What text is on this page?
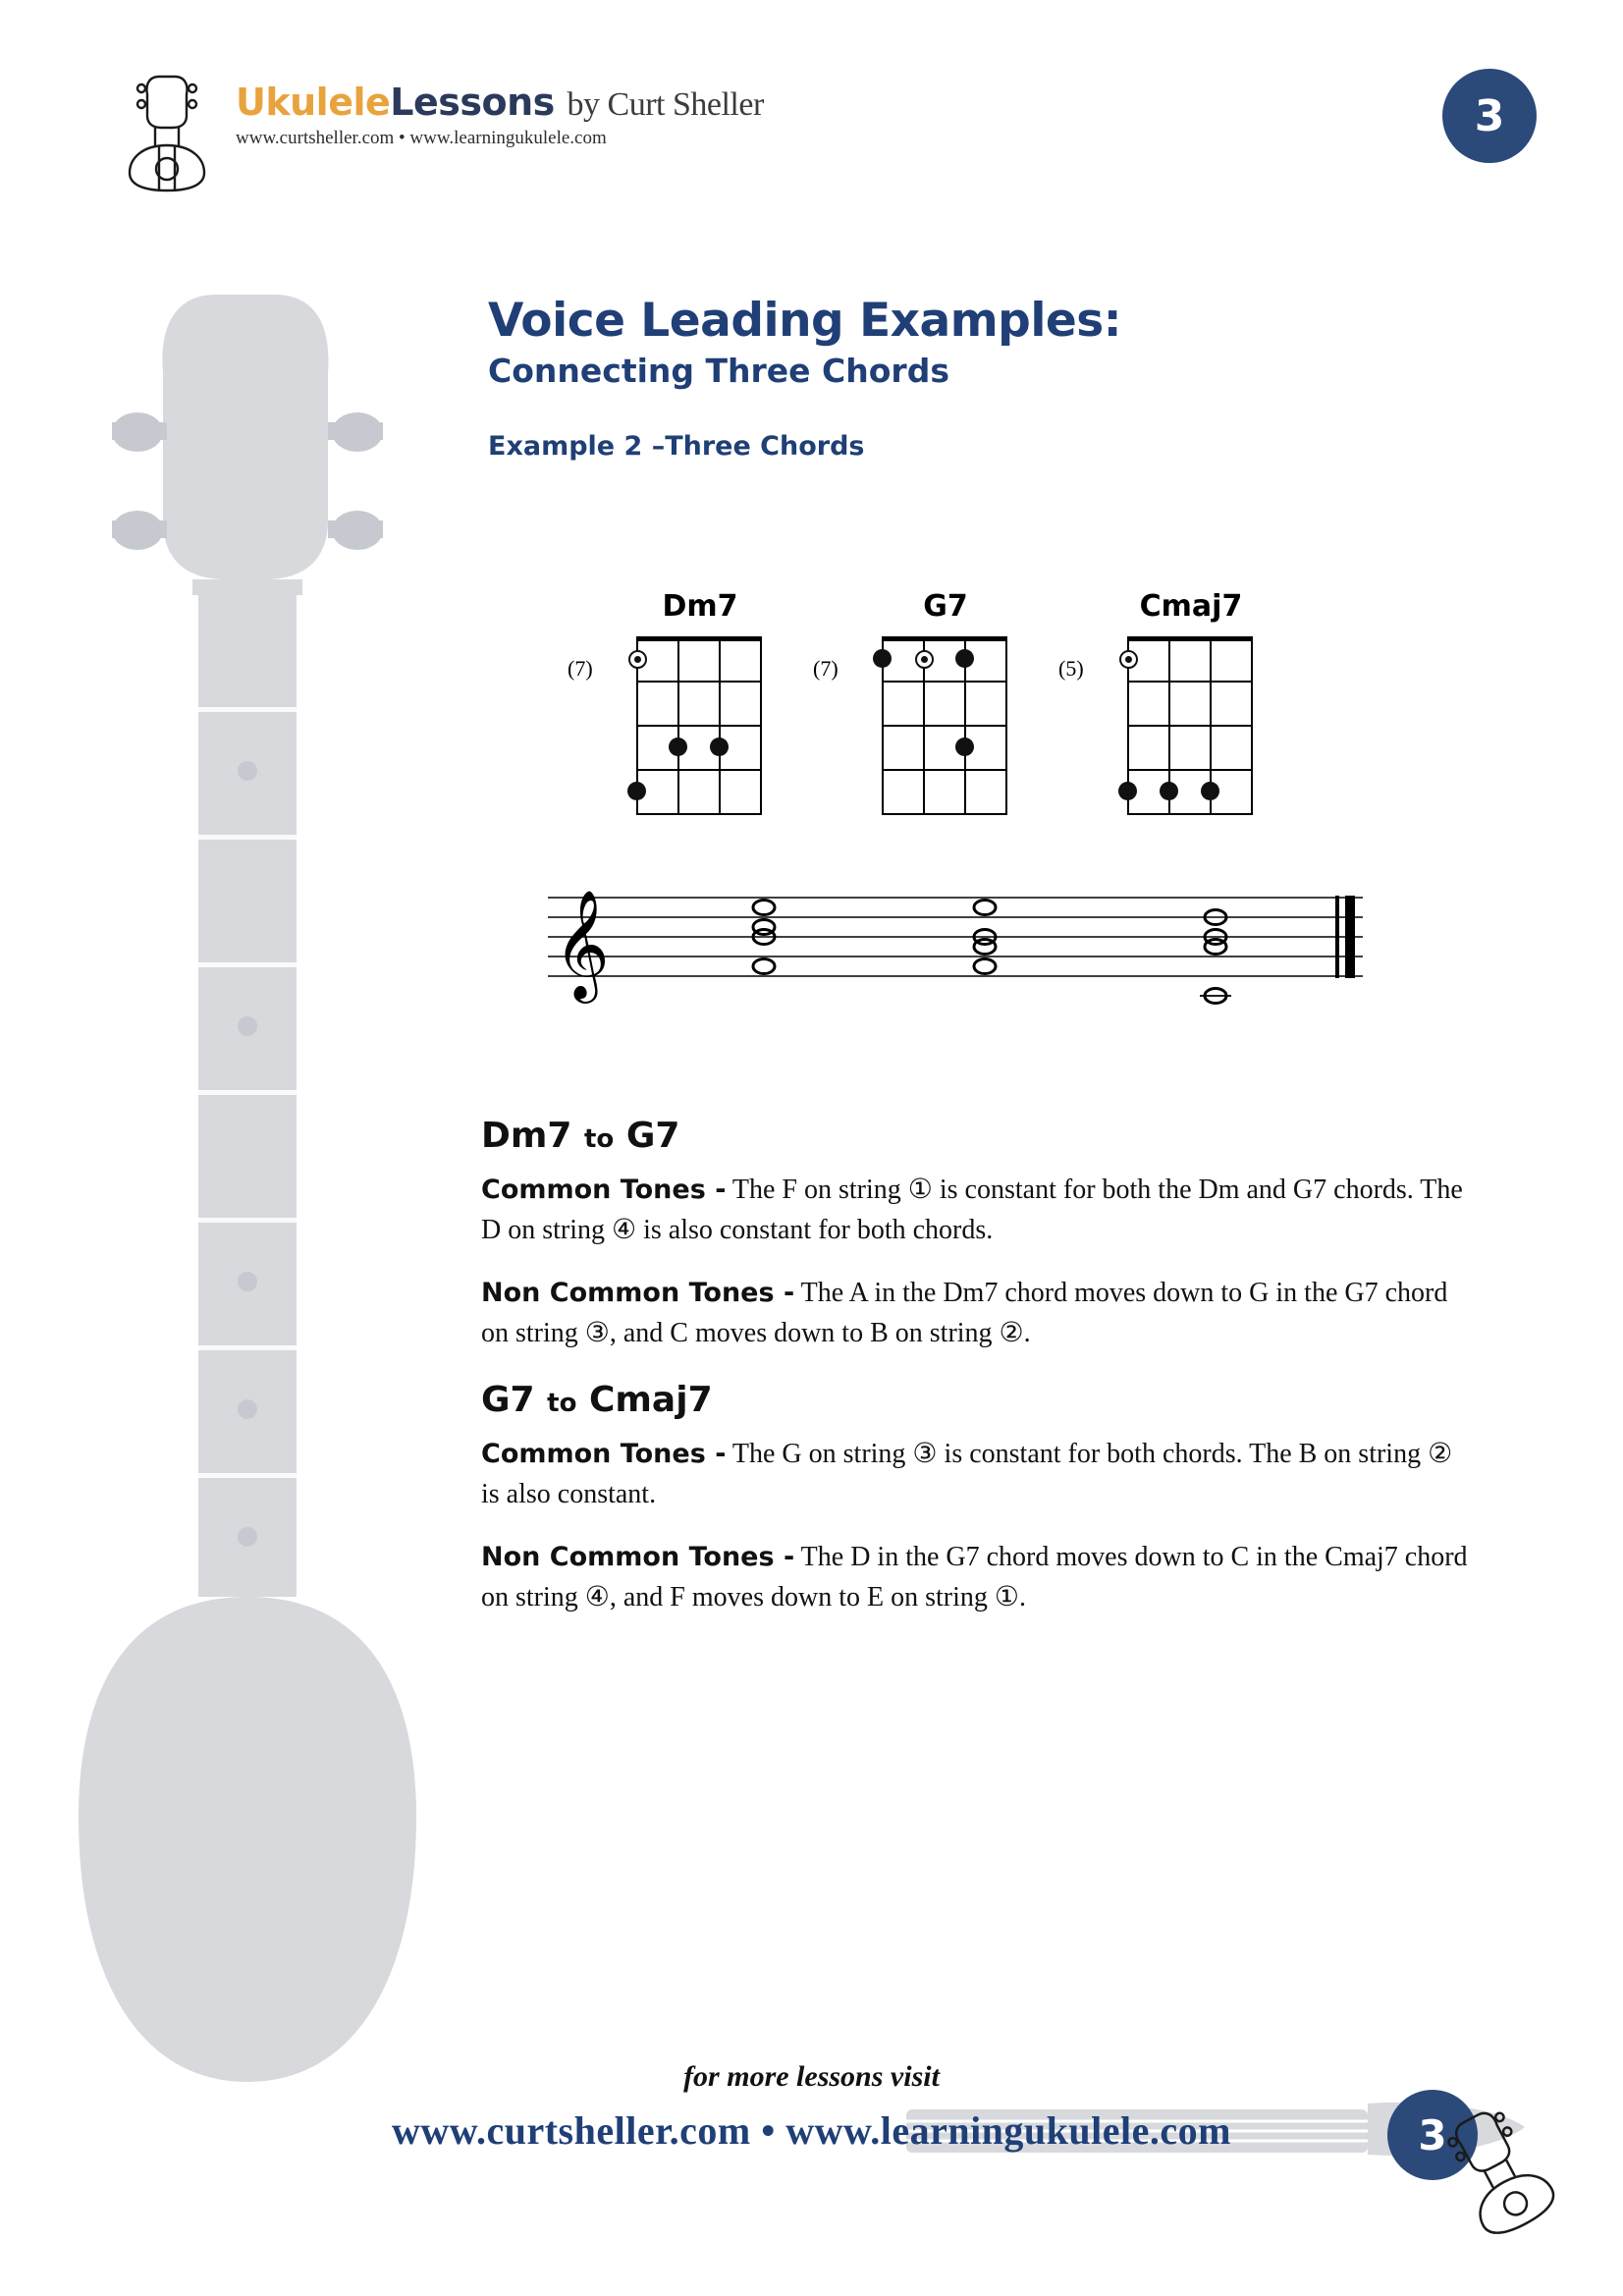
UkuleleLessons by Curt Sheller
www.curtsheller.com • www.learningukulele.com	3
Voice Leading Examples:
Connecting Three Chords
Example 2 –Three Chords
Dm7
(7)
G7
(7)
Cmaj7
(5)
𝄞
Dm7 to G7

Common Tones - The F on string ① is constant for both the Dm and G7 chords. The D on string ④ is also constant for both chords.

Non Common Tones - The A in the Dm7 chord moves down to G in the G7 chord on string ③, and C moves down to B on string ②.

G7 to Cmaj7

Common Tones - The G on string ③ is constant for both chords. The B on string ② is also constant.

Non Common Tones - The D in the G7 chord moves down to C in the Cmaj7 chord on string ④, and F moves down to E on string ①.

for more lessons visit
www.curtsheller.com • www.learningukulele.com	3
